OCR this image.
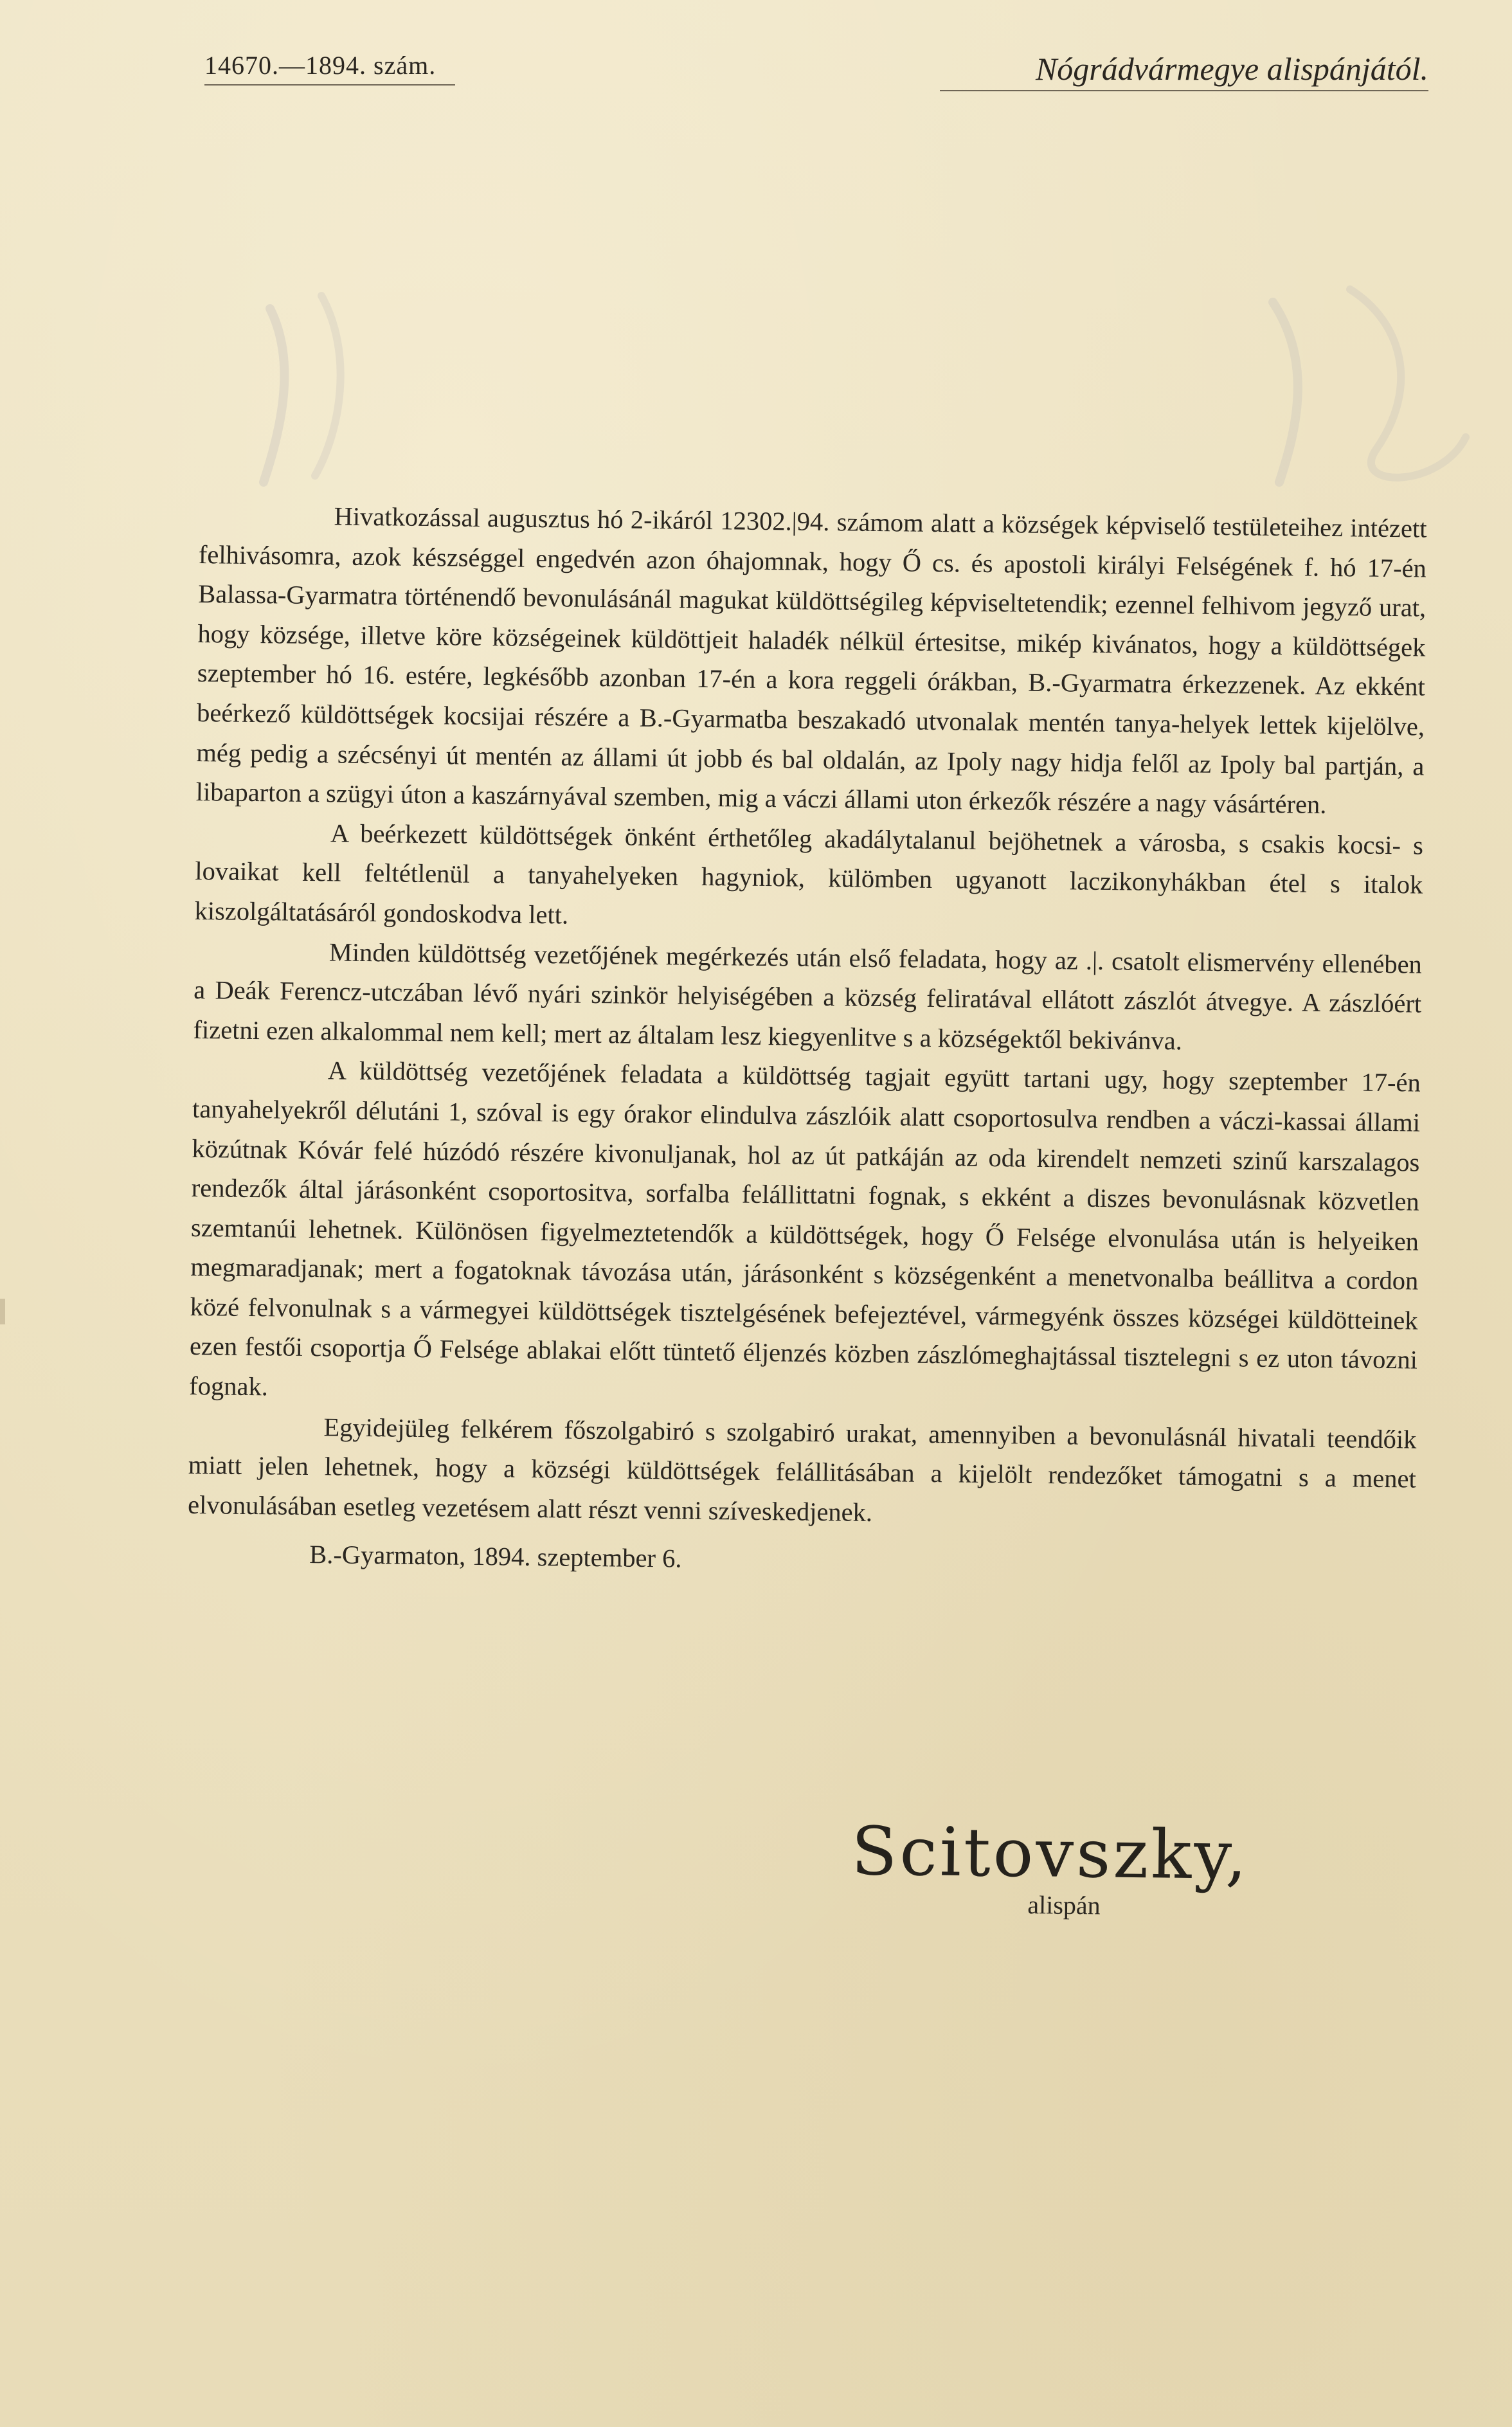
14670.—1894. szám.	Nógrádvármegye alispánjától.

Hivatkozással augusztus hó 2-ikáról 12302.|94. számom alatt a községek képviselő testületeihez intézett felhivásomra, azok készséggel engedvén azon óhajomnak, hogy Ő cs. és apostoli királyi Felségének f. hó 17-én Balassa-Gyarmatra történendő bevonulásánál magukat küldöttségileg képviseltetendik; ezennel felhivom jegyző urat, hogy községe, illetve köre községeinek küldöttjeit haladék nélkül értesitse, mikép kivánatos, hogy a küldöttségek szeptember hó 16. estére, legkésőbb azonban 17-én a kora reggeli órákban, B.-Gyarmatra érkezzenek. Az ekként beérkező küldöttségek kocsijai részére a B.-Gyarmatba beszakadó utvonalak mentén tanya-helyek lettek kijelölve, még pedig a szécsényi út mentén az állami út jobb és bal oldalán, az Ipoly nagy hidja felől az Ipoly bal partján, a libaparton a szügyi úton a kaszárnyával szemben, mig a váczi állami uton érkezők részére a nagy vásártéren.

A beérkezett küldöttségek önként érthetőleg akadálytalanul bejöhetnek a városba, s csakis kocsi- s lovaikat kell feltétlenül a tanyahelyeken hagyniok, külömben ugyanott laczikonyhákban étel s italok kiszolgáltatásáról gondoskodva lett.

Minden küldöttség vezetőjének megérkezés után első feladata, hogy az .|. csatolt elismervény ellenében a Deák Ferencz-utczában lévő nyári szinkör helyiségében a község feliratával ellátott zászlót átvegye. A zászlóért fizetni ezen alkalommal nem kell; mert az általam lesz kiegyenlitve s a községektől bekivánva.

A küldöttség vezetőjének feladata a küldöttség tagjait együtt tartani ugy, hogy szeptember 17-én tanyahelyekről délutáni 1, szóval is egy órakor elindulva zászlóik alatt csoportosulva rendben a váczi-kassai állami közútnak Kóvár felé húzódó részére kivonuljanak, hol az út patkáján az oda kirendelt nemzeti szinű karszalagos rendezők által járásonként csoportositva, sorfalba felállittatni fognak, s ekként a diszes bevonulásnak közvetlen szemtanúi lehetnek. Különösen figyelmeztetendők a küldöttségek, hogy Ő Felsége elvonulása után is helyeiken megmaradjanak; mert a fogatoknak távozása után, járásonként s községenként a menetvonalba beállitva a cordon közé felvonulnak s a vármegyei küldöttségek tisztelgésének befejeztével, vármegyénk összes községei küldötteinek ezen festői csoportja Ő Felsége ablakai előtt tüntető éljenzés közben zászlómeghajtással tisztelegni s ez uton távozni fognak.

Egyidejüleg felkérem főszolgabiró s szolgabiró urakat, amennyiben a bevonulásnál hivatali teendőik miatt jelen lehetnek, hogy a községi küldöttségek felállitásában a kijelölt rendezőket támogatni s a menet elvonulásában esetleg vezetésem alatt részt venni szíveskedjenek.

B.-Gyarmaton, 1894. szeptember 6.

Scitovszky,
alispán
